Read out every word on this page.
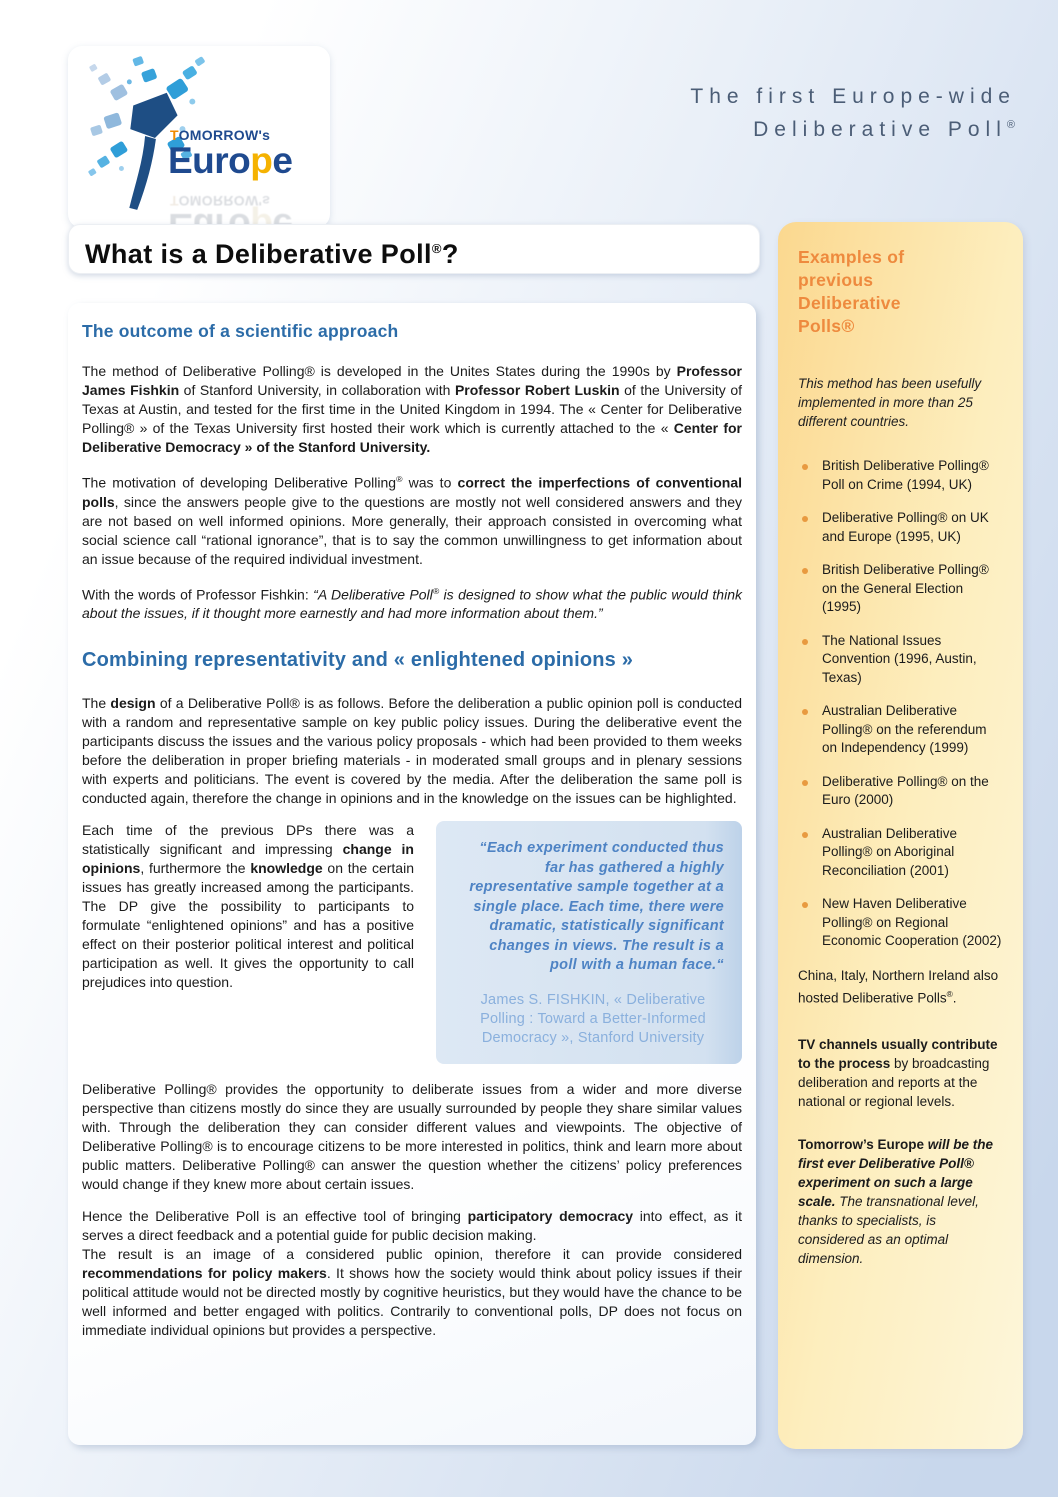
TOMORROW's
Europe
TOMORROW's
The first Europe-wide
Deliberative Poll®
What is a Deliberative Poll®?
The outcome of a scientific approach

The method of Deliberative Polling® is developed in the Unites States during the 1990s by Professor James Fishkin of Stanford University, in collaboration with Professor Robert Luskin of the University of Texas at Austin, and tested for the first time in the United Kingdom in 1994. The « Center for Deliberative Polling® » of the Texas University first hosted their work which is currently attached to the « Center for Deliberative Democracy » of the Stanford University.

The motivation of developing Deliberative Polling® was to correct the imperfections of conventional polls, since the answers people give to the questions are mostly not well considered answers and they are not based on well informed opinions. More generally, their approach consisted in overcoming what social science call “rational ignorance”, that is to say the common unwillingness to get information about an issue because of the required individual investment.

With the words of Professor Fishkin: “A Deliberative Poll® is designed to show what the public would think about the issues, if it thought more earnestly and had more information about them.”

Combining representativity and « enlightened opinions »

The design of a Deliberative Poll® is as follows. Before the deliberation a public opinion poll is conducted with a random and representative sample on key public policy issues. During the deliberative event the participants discuss the issues and the various policy proposals - which had been provided to them weeks before the deliberation in proper briefing materials - in moderated small groups and in plenary sessions with experts and politicians. The event is covered by the media. After the deliberation the same poll is conducted again, therefore the change in opinions and in the knowledge on the issues can be highlighted.

Each time of the previous DPs there was a statistically significant and impressing change in opinions, furthermore the knowledge on the certain issues has greatly increased among the participants. The DP give the possibility to participants to formulate “enlightened opinions” and has a positive effect on their posterior political interest and political participation as well. It gives the opportunity to call prejudices into question.

“Each experiment conducted thus far has gathered a highly representative sample together at a single place. Each time, there were dramatic, statistically significant changes in views. The result is a poll with a human face.“

James S. FISHKIN, « Deliberative Polling : Toward a Better-Informed Democracy », Stanford University

Deliberative Polling® provides the opportunity to deliberate issues from a wider and more diverse perspective than citizens mostly do since they are usually surrounded by people they share similar values with. Through the deliberation they can consider different values and viewpoints. The objective of Deliberative Polling® is to encourage citizens to be more interested in politics, think and learn more about public matters. Deliberative Polling® can answer the question whether the citizens’ policy preferences would change if they knew more about certain issues.

Hence the Deliberative Poll is an effective tool of bringing participatory democracy into effect, as it serves a direct feedback and a potential guide for public decision making.
The result is an image of a considered public opinion, therefore it can provide considered recommendations for policy makers. It shows how the society would think about policy issues if their political attitude would not be directed mostly by cognitive heuristics, but they would have the chance to be well informed and better engaged with politics. Contrarily to conventional polls, DP does not focus on immediate individual opinions but provides a perspective.

Examples of previous Deliberative Polls®

This method has been usefully implemented in more than 25 different countries.

British Deliberative Polling® Poll on Crime (1994, UK)
Deliberative Polling® on UK and Europe (1995, UK)
British Deliberative Polling® on the General Election (1995)
The National Issues Convention (1996, Austin, Texas)
Australian Deliberative Polling® on the referendum on Independency (1999)
Deliberative Polling® on the Euro (2000)
Australian Deliberative Polling® on Aboriginal Reconciliation (2001)
New Haven Deliberative Polling® on Regional Economic Cooperation (2002)

China, Italy, Northern Ireland also hosted Deliberative Polls®.

TV channels usually contribute to the process by broadcasting deliberation and reports at the national or regional levels.

Tomorrow’s Europe will be the first ever Deliberative Poll® experiment on such a large scale. The transnational level, thanks to specialists, is considered as an optimal dimension.
